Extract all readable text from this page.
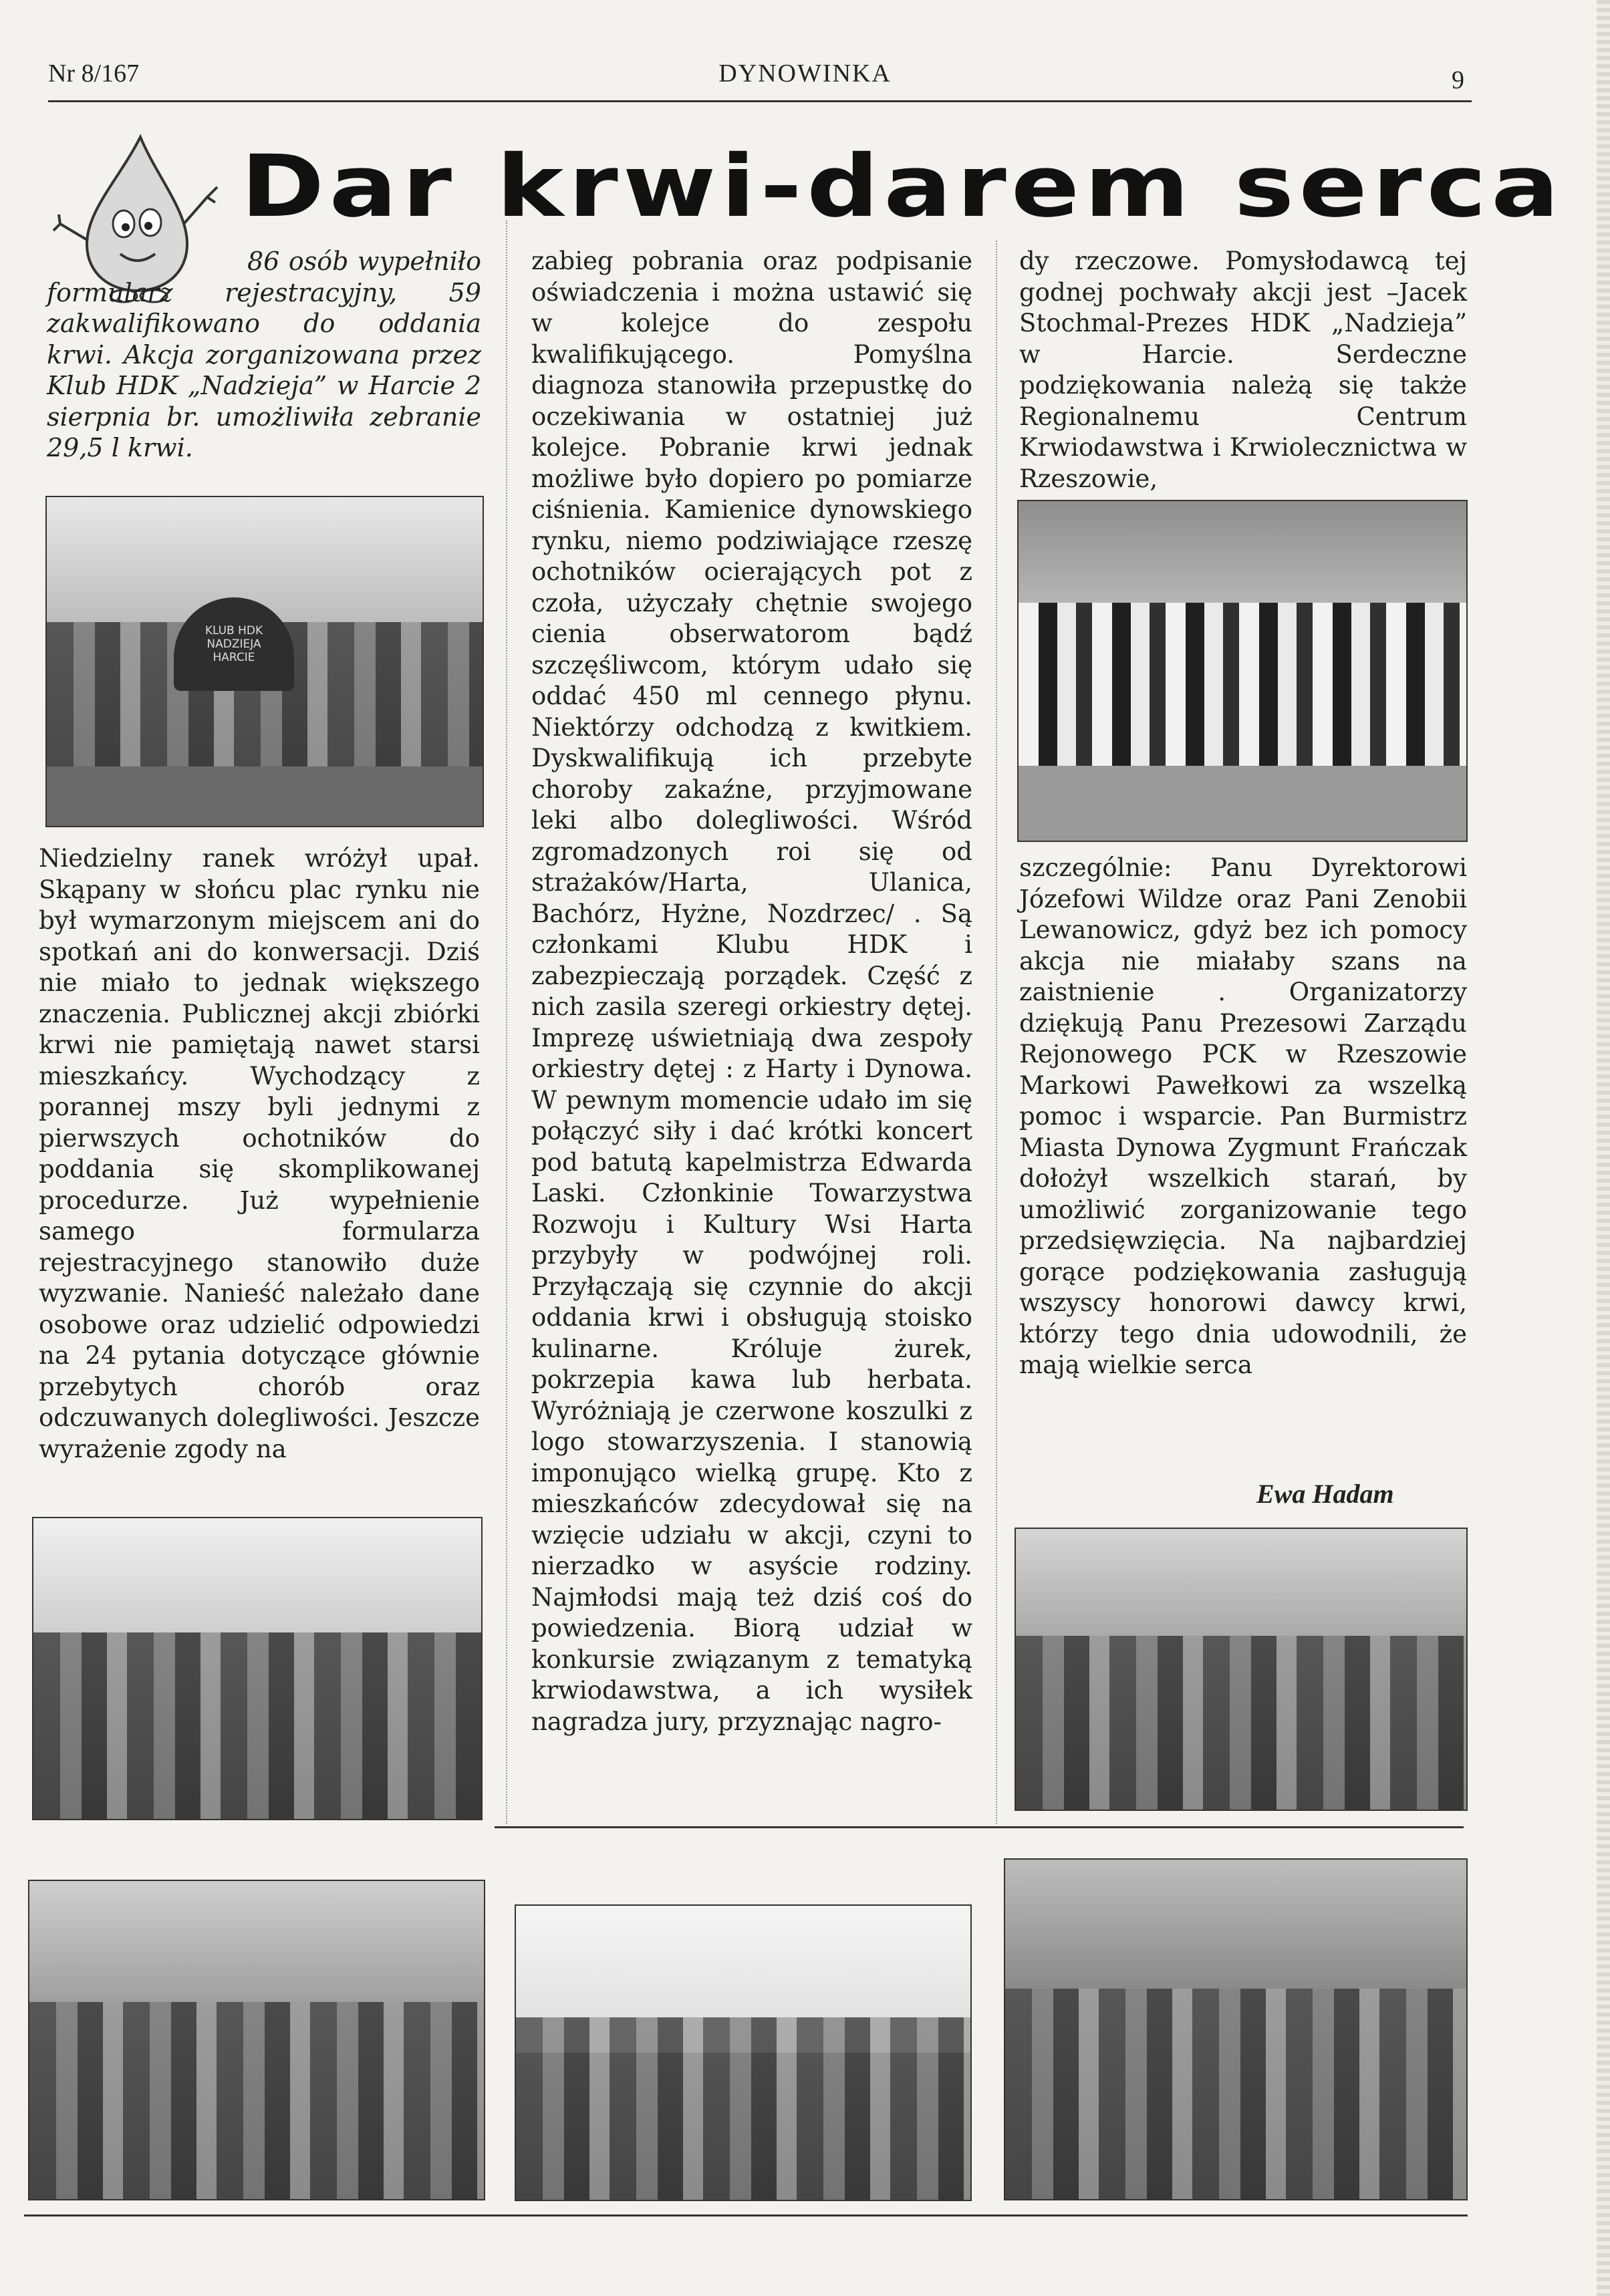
Nr 8/167	DYNOWINKA	9
Dar krwi-darem serca

86 osób wypełniło formularz rejestracyjny, 59 zakwalifikowano do oddania krwi. Akcja zorganizowana przez Klub HDK „Nadzieja” w Harcie 2 sierpnia br. umożliwiła zebranie 29,5 l krwi.

KLUB HDK NADZIEJA HARCIE

Niedzielny ranek wróżył upał. Skąpany w słońcu plac rynku nie był wymarzonym miejscem ani do spotkań ani do konwersacji. Dziś nie miało to jednak większego znaczenia. Publicznej akcji zbiórki krwi nie pamiętają nawet starsi mieszkańcy. Wychodzący z porannej mszy byli jednymi z pierwszych ochotników do poddania się skomplikowanej procedurze. Już wypełnienie samego formularza rejestracyjnego stanowiło duże wyzwanie. Nanieść należało dane osobowe oraz udzielić odpowiedzi na 24 pytania dotyczące głównie przebytych chorób oraz odczuwanych dolegliwości. Jeszcze wyrażenie zgody na

zabieg pobrania oraz podpisanie oświadczenia i można ustawić się w kolejce do zespołu kwalifikującego. Pomyślna diagnoza stanowiła przepustkę do oczekiwania w ostatniej już kolejce. Pobranie krwi jednak możliwe było dopiero po pomiarze ciśnienia. Kamienice dynowskiego rynku, niemo podziwiające rzeszę ochotników ocierających pot z czoła, użyczały chętnie swojego cienia obserwatorom bądź szczęśliwcom, którym udało się oddać 450 ml cennego płynu. Niektórzy odchodzą z kwitkiem. Dyskwalifikują ich przebyte choroby zakaźne, przyjmowane leki albo dolegliwości. Wśród zgromadzonych roi się od strażaków/Harta, Ulanica, Bachórz, Hyżne, Nozdrzec/ . Są członkami Klubu HDK i zabezpieczają porządek. Część z nich zasila szeregi orkiestry dętej. Imprezę uświetniają dwa zespoły orkiestry dętej : z Harty i Dynowa. W pewnym momencie udało im się połączyć siły i dać krótki koncert pod batutą kapelmistrza Edwarda Laski. Członkinie Towarzystwa Rozwoju i Kultury Wsi Harta przybyły w podwójnej roli. Przyłączają się czynnie do akcji oddania krwi i obsługują stoisko kulinarne. Króluje żurek, pokrzepia kawa lub herbata. Wyróżniają je czerwone koszulki z logo stowarzyszenia. I stanowią imponująco wielką grupę. Kto z mieszkańców zdecydował się na wzięcie udziału w akcji, czyni to nierzadko w asyście rodziny. Najmłodsi mają też dziś coś do powiedzenia. Biorą udział w konkursie związanym z tematyką krwiodawstwa, a ich wysiłek nagradza jury, przyznając nagro-

dy rzeczowe. Pomysłodawcą tej godnej pochwały akcji jest –Jacek Stochmal-Prezes HDK „Nadzieja” w Harcie. Serdeczne podziękowania należą się także Regionalnemu Centrum Krwiodawstwa i Krwiolecznictwa w Rzeszowie,

szczególnie: Panu Dyrektorowi Józefowi Wildze oraz Pani Zenobii Lewanowicz, gdyż bez ich pomocy akcja nie miałaby szans na zaistnienie . Organizatorzy dziękują Panu Prezesowi Zarządu Rejonowego PCK w Rzeszowie Markowi Pawełkowi za wszelką pomoc i wsparcie. Pan Burmistrz Miasta Dynowa Zygmunt Frańczak dołożył wszelkich starań, by umożliwić zorganizowanie tego przedsięwzięcia. Na najbardziej gorące podziękowania zasługują wszyscy honorowi dawcy krwi, którzy tego dnia udowodnili, że mają wielkie serca

Ewa Hadam
